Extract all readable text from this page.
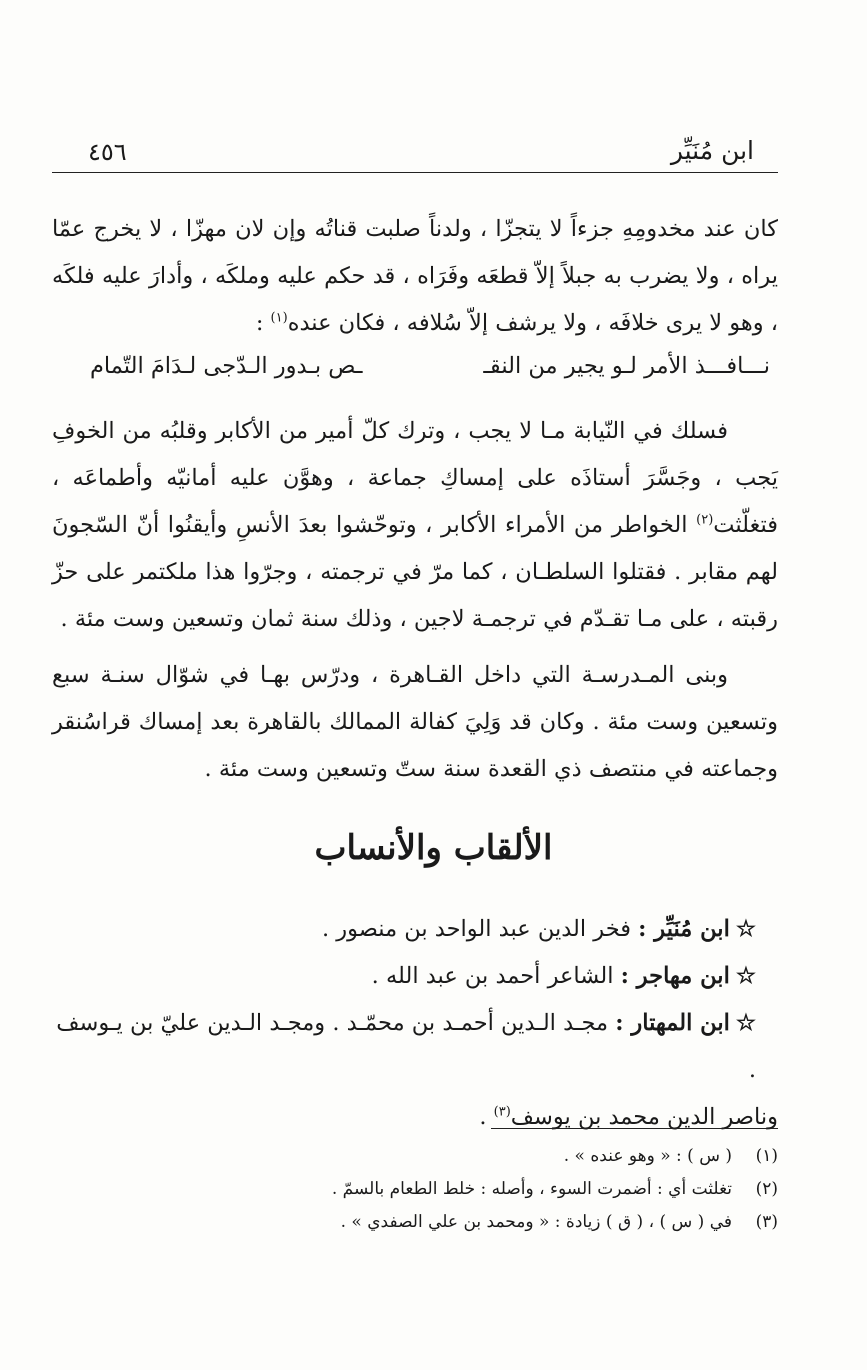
ابن مُنَيِّر
٤٥٦

كان عند مخدومِهِ جزءاً لا يتجزّا ، ولدناً صلبت قناتُه وإن لان مهزّا ، لا يخرج عمّا يراه ، ولا يضرب به جبلاً إلاّ قطعَه وفَرَاه ، قد حكم عليه وملكَه ، وأدارَ عليه فلكَه ، وهو لا يرى خلافَه ، ولا يرشف إلاّ سُلافه ، فكان عنده$^{(١)}$ :

نـــافـــذ الأمر لـو يجير من النقـ
ـص بـدور الـدّجى لـدَامَ التّمام

فسلك في النّيابة مـا لا يجب ، وترك كلّ أمير من الأكابر وقلبُه من الخوفِ يَجب ، وجَسَّرَ أستاذَه على إمساكِ جماعة ، وهوَّن عليه أمانيّه وأطماعَه ، فتغلّثت$^{(٢)}$ الخواطر من الأمراء الأكابر ، وتوحّشوا بعدَ الأنسِ وأيقنُوا أنّ السّجونَ لهم مقابر . فقتلوا السلطـان ، كما مرّ في ترجمته ، وجرّوا هذا ملكتمر على حزّ رقبته ، على مـا تقـدّم في ترجمـة لاجين ، وذلك سنة ثمان وتسعين وست مئة .

وبنى المـدرسـة التي داخل القـاهرة ، ودرّس بهـا في شوّال سنـة سبع وتسعين وست مئة . وكان قد وَلِيَ كفالة الممالك بالقاهرة بعد إمساك قراسُنقر وجماعته في منتصف ذي القعدة سنة ستّ وتسعين وست مئة .

الألقاب والأنساب
☆ابن مُنَيِّر : فخر الدين عبد الواحد بن منصور .
☆ابن مهاجر : الشاعر أحمد بن عبد الله .
☆ابن المهتار : مجـد الـدين أحمـد بن محمّـد . ومجـد الـدين عليّ بن يـوسف .
وناصر الدين محمد بن يوسف$^{(٣)}$ .
(١)( س ) : « وهو عنده » .
(٢)تغلثت أي : أضمرت السوء ، وأصله : خلط الطعام بالسمّ .
(٣)في ( س ) ، ( ق ) زيادة : « ومحمد بن علي الصفدي » .
